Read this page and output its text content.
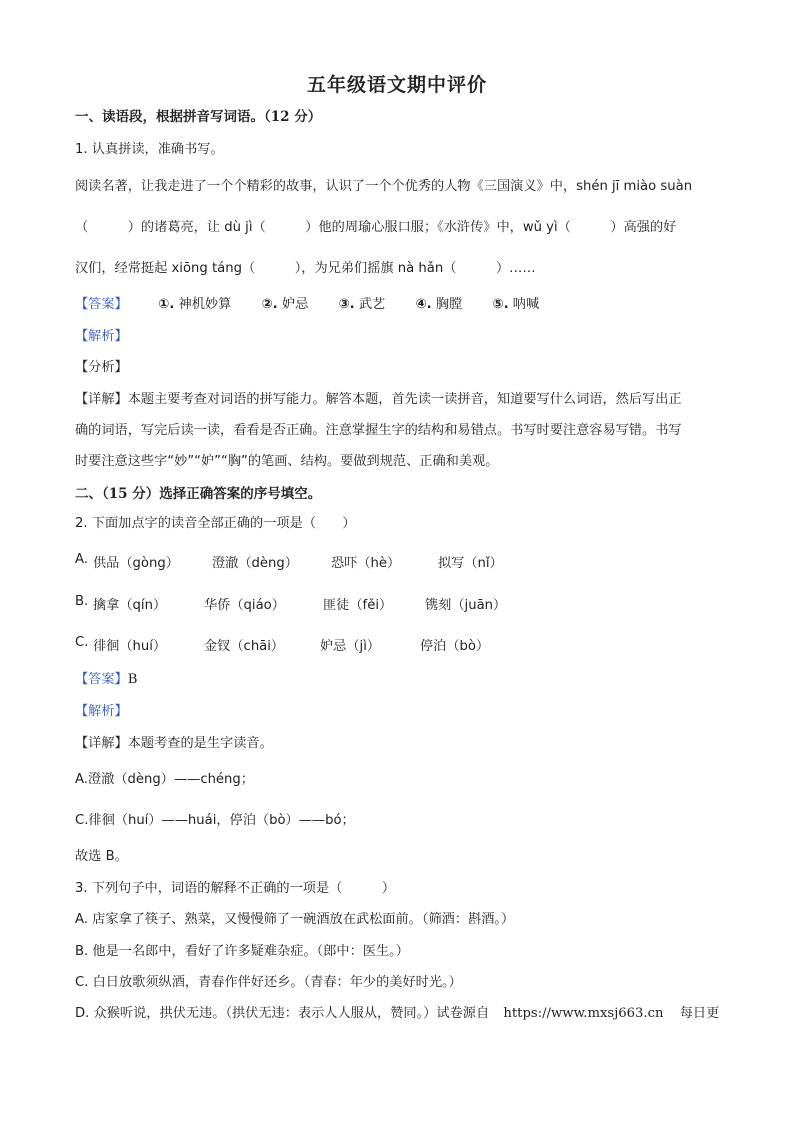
五年级语文期中评价
一、读语段，根据拼音写词语。（12 分）
1. 认真拼读，准确书写。
阅读名著，让我走进了一个个精彩的故事，认识了一个个优秀的人物《三国演义》中，shén jī miào suàn
（　　　）的诸葛亮，让 dù jì（　　　）他的周瑜心服口服；《水浒传》中，wǔ yì（　　　）高强的好
汉们，经常挺起 xiōng táng（　　　），为兄弟们摇旗 nà hǎn（　　　）……
【答案】 ①. 神机妙算 ②. 妒忌 ③. 武艺 ④. 胸膛 ⑤. 呐喊
【解析】
【分析】
【详解】本题主要考查对词语的拼写能力。解答本题，首先读一读拼音，知道要写什么词语，然后写出正
确的词语，写完后读一读，看看是否正确。注意掌握生字的结构和易错点。书写时要注意容易写错。书写
时要注意这些字“妙”“妒”“胸”的笔画、结构。要做到规范、正确和美观。
二、（15 分）选择正确答案的序号填空。
2. 下面加点字的读音全部正确的一项是（　　）
A. 供品（gòng）	澄澈（dèng）	恐吓（hè）	拟写（nǐ）
B. 擒拿（qín）	华侨（qiáo）	匪徒（fěi） 镌刻（juān）
C. 徘徊（huí）	金钗（chāi）	妒忌（jì）	停泊（bò）
【答案】B
【解析】
【详解】本题考查的是生字读音。
A.澄澈（dèng）——chéng；
C.徘徊（huí）——huái，停泊（bò）——bó；
故选 B。
3. 下列句子中，词语的解释不正确的一项是（　　　）
A. 店家拿了筷子、熟菜，又慢慢筛了一碗酒放在武松面前。（筛酒：斟酒。）
B. 他是一名郎中，看好了许多疑难杂症。（郎中：医生。）
C. 白日放歌须纵酒，青春作伴好还乡。（青春：年少的美好时光。）
D. 众猴听说，拱伏无违。（拱伏无违：表示人人服从，赞同。）试卷源自 https://www.mxsj663.cn 每日更
